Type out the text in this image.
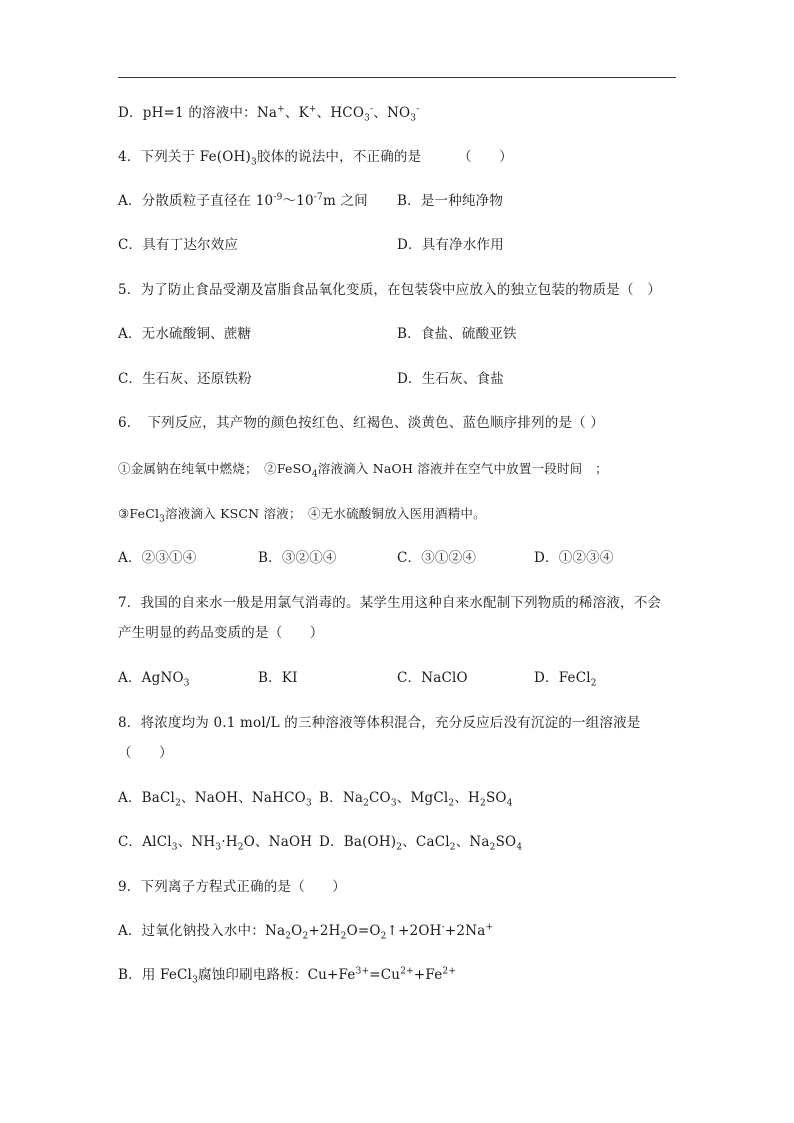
D．pH=1 的溶液中：Na+、K+、$HCO_3^-$、$NO_3^-$
4．下列关于 $Fe(OH)_3$胶体的说法中，不正确的是	（　　）
A．分散质粒子直径在 $10^{-9}\sim 10^{-7}m$ 之间 B．是一种纯净物
C．具有丁达尔效应	D．具有净水作用
5．为了防止食品受潮及富脂食品氧化变质，在包装袋中应放入的独立包装的物质是（　）
A．无水硫酸铜、蔗糖	B．食盐、硫酸亚铁
C．生石灰、还原铁粉	D．生石灰、食盐
6．　下列反应，其产物的颜色按红色、红褐色、淡黄色、蓝色顺序排列的是（ ）
①金属钠在纯氧中燃烧；　 ②FeSO$_4$溶液滴入 NaOH 溶液并在空气中放置一段时间　；
③FeCl$_3$溶液滴入 KSCN 溶液；　 ④无水硫酸铜放入医用酒精中。
A．②③①④	B．③②①④	C．③①②④	D．①②③④
7．我国的自来水一般是用氯气消毒的。某学生用这种自来水配制下列物质的稀溶液，不会
产生明显的药品变质的是（　　）
A．AgNO$_3$	B．KI	C．NaClO	D．FeCl$_2$
8．将浓度均为 0.1 mol/L 的三种溶液等体积混合，充分反应后没有沉淀的一组溶液是
（　　）
A．BaCl$_2$、NaOH、NaHCO$_3$ B．$Na_2CO_3$、MgCl$_2$、$H_2SO_4$
C．AlCl$_3$、$NH_3\cdot H_2O$、NaOH D．$Ba(OH)_2$、CaCl$_2$、$Na_2SO_4$
9．下列离子方程式正确的是（　　）
A．过氧化钠投入水中：$Na_2O_2+2H_2O=O_2↑+2OH^-+2Na^+$
B．用 FeCl$_3$腐蚀印刷电路板：$Cu+Fe^{3+}=Cu^{2+}+Fe^{2+}$
